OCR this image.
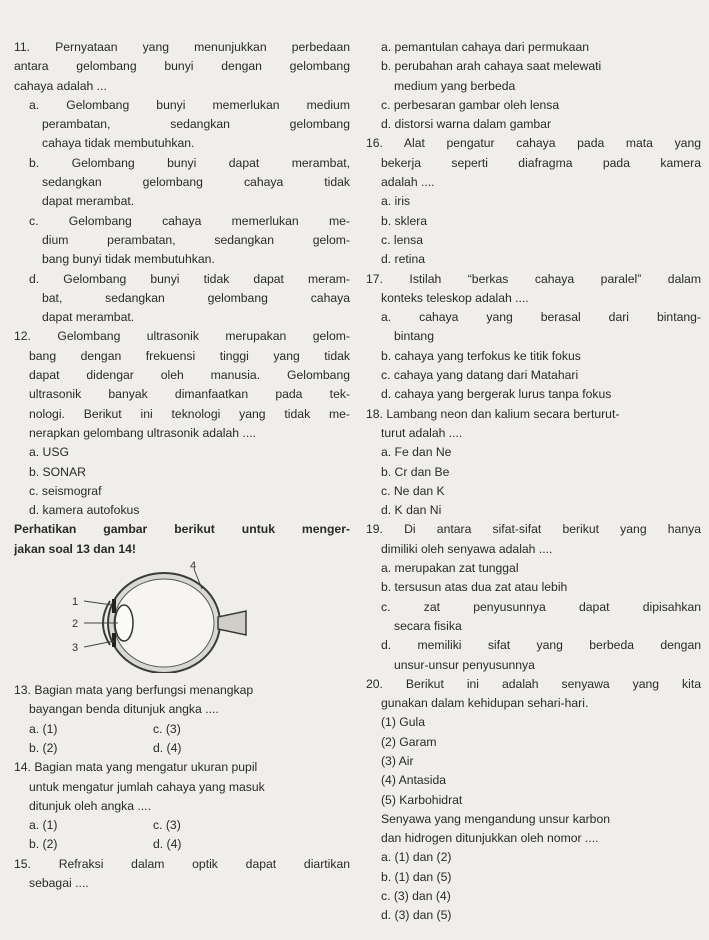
11. Pernyataan yang menunjukkan perbedaan
antara gelombang bunyi dengan gelombang
cahaya adalah ...
a. Gelombang bunyi memerlukan medium
perambatan, sedangkan gelombang
cahaya tidak membutuhkan.
b. Gelombang bunyi dapat merambat,
sedangkan gelombang cahaya tidak
dapat merambat.
c. Gelombang cahaya memerlukan me-
dium perambatan, sedangkan gelom-
bang bunyi tidak membutuhkan.
d. Gelombang bunyi tidak dapat meram-
bat, sedangkan gelombang cahaya
dapat merambat.
12. Gelombang ultrasonik merupakan gelom-
bang dengan frekuensi tinggi yang tidak
dapat didengar oleh manusia. Gelombang
ultrasonik banyak dimanfaatkan pada tek-
nologi. Berikut ini teknologi yang tidak me-
nerapkan gelombang ultrasonik adalah ....
a. USG
b. SONAR
c. seismograf
d. kamera autofokus
Perhatikan gambar berikut untuk menger-
jakan soal 13 dan 14!
1
2
3
4
13. Bagian mata yang berfungsi menangkap
bayangan benda ditunjuk angka ....
a. (1)	c. (3)
b. (2)	d. (4)
14. Bagian mata yang mengatur ukuran pupil
untuk mengatur jumlah cahaya yang masuk
ditunjuk oleh angka ....
a. (1)	c. (3)
b. (2)	d. (4)
15. Refraksi dalam optik dapat diartikan
sebagai ....
a. pemantulan cahaya dari permukaan
b. perubahan arah cahaya saat melewati
medium yang berbeda
c. perbesaran gambar oleh lensa
d. distorsi warna dalam gambar
16. Alat pengatur cahaya pada mata yang
bekerja seperti diafragma pada kamera
adalah ....
a. iris
b. sklera
c. lensa
d. retina
17. Istilah “berkas cahaya paralel” dalam
konteks teleskop adalah ....
a. cahaya yang berasal dari bintang-
bintang
b. cahaya yang terfokus ke titik fokus
c. cahaya yang datang dari Matahari
d. cahaya yang bergerak lurus tanpa fokus
18. Lambang neon dan kalium secara berturut-
turut adalah ....
a. Fe dan Ne
b. Cr dan Be
c. Ne dan K
d. K dan Ni
19. Di antara sifat-sifat berikut yang hanya
dimiliki oleh senyawa adalah ....
a. merupakan zat tunggal
b. tersusun atas dua zat atau lebih
c. zat penyusunnya dapat dipisahkan
secara fisika
d. memiliki sifat yang berbeda dengan
unsur-unsur penyusunnya
20. Berikut ini adalah senyawa yang kita
gunakan dalam kehidupan sehari-hari.
(1) Gula
(2) Garam
(3) Air
(4) Antasida
(5) Karbohidrat
Senyawa yang mengandung unsur karbon
dan hidrogen ditunjukkan oleh nomor ....
a. (1) dan (2)
b. (1) dan (5)
c. (3) dan (4)
d. (3) dan (5)
